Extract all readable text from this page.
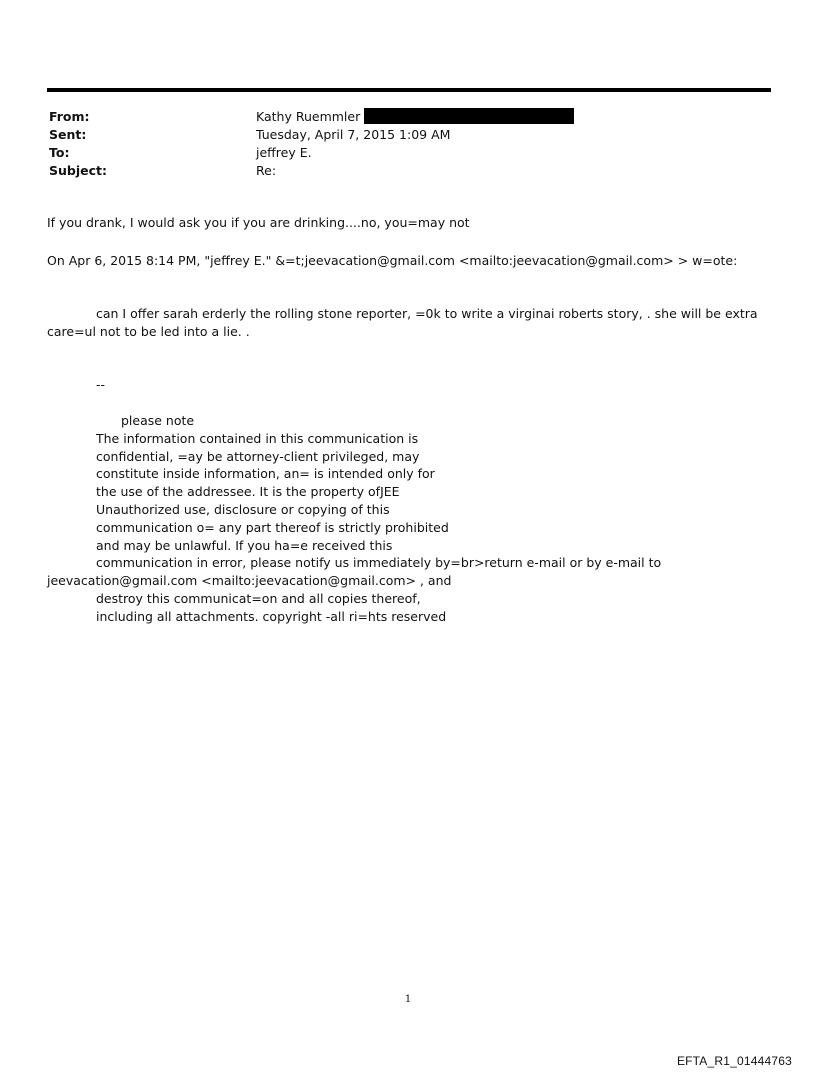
From:	Kathy Ruemmler
Sent:	Tuesday, April 7, 2015 1:09 AM
To:	jeffrey E.
Subject:	Re:
If you drank, I would ask you if you are drinking....no, you=may not
On Apr 6, 2015 8:14 PM, "jeffrey E." &=t;jeevacation@gmail.com <mailto:jeevacation@gmail.com> > w=ote:
can I offer sarah erderly the rolling stone reporter, =0k to write a virginai roberts story, . she will be extra
care=ul not to be led into a lie. .
--
please note
The information contained in this communication is
confidential, =ay be attorney-client privileged, may
constitute inside information, an= is intended only for
the use of the addressee. It is the property ofJEE
Unauthorized use, disclosure or copying of this
communication o= any part thereof is strictly prohibited
and may be unlawful. If you ha=e received this
communication in error, please notify us immediately by=br>return e-mail or by e-mail to
jeevacation@gmail.com <mailto:jeevacation@gmail.com> , and
destroy this communicat=on and all copies thereof,
including all attachments. copyright -all ri=hts reserved
1
EFTA_R1_01444763
